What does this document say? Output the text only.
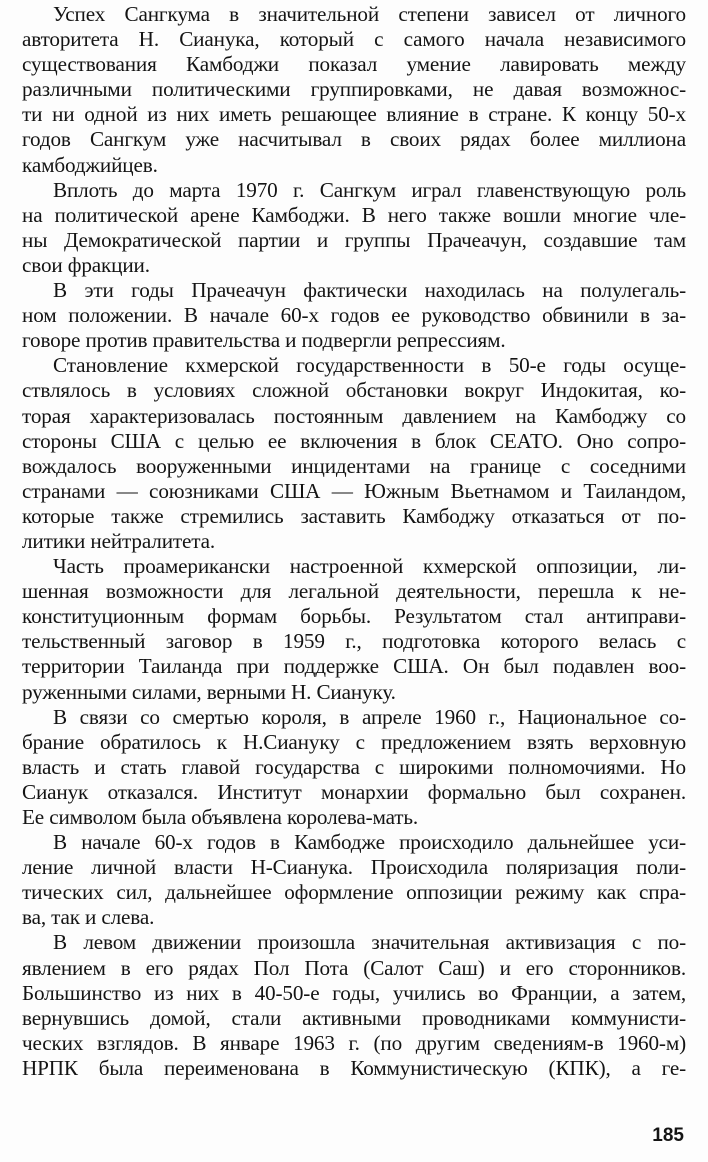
Успех Сангкума в значительной степени зависел от личного
авторитета Н. Сианука, который с самого начала независимого
существования Камбоджи показал умение лавировать между
различными политическими группировками, не давая возможнос-
ти ни одной из них иметь решающее влияние в стране. К концу 50-х
годов Сангкум уже насчитывал в своих рядах более миллиона
камбоджийцев.
Вплоть до марта 1970 г. Сангкум играл главенствующую роль
на политической арене Камбоджи. В него также вошли многие чле-
ны Демократической партии и группы Прачеачун, создавшие там
свои фракции.
В эти годы Прачеачун фактически находилась на полулегаль-
ном положении. В начале 60-х годов ее руководство обвинили в за-
говоре против правительства и подвергли репрессиям.
Становление кхмерской государственности в 50-е годы осуще-
ствлялось в условиях сложной обстановки вокруг Индокитая, ко-
торая характеризовалась постоянным давлением на Камбоджу со
стороны США с целью ее включения в блок СЕАТО. Оно сопро-
вождалось вооруженными инцидентами на границе с соседними
странами — союзниками США — Южным Вьетнамом и Таиландом,
которые также стремились заставить Камбоджу отказаться от по-
литики нейтралитета.
Часть проамерикански настроенной кхмерской оппозиции, ли-
шенная возможности для легальной деятельности, перешла к не-
конституционным формам борьбы. Результатом стал антиправи-
тельственный заговор в 1959 г., подготовка которого велась с
территории Таиланда при поддержке США. Он был подавлен воо-
руженными силами, верными Н. Сиануку.
В связи со смертью короля, в апреле 1960 г., Национальное со-
брание обратилось к Н.Сиануку с предложением взять верховную
власть и стать главой государства с широкими полномочиями. Но
Сианук отказался. Институт монархии формально был сохранен.
Ее символом была объявлена королева-мать.
В начале 60-х годов в Камбодже происходило дальнейшее уси-
ление личной власти Н-Сианука. Происходила поляризация поли-
тических сил, дальнейшее оформление оппозиции режиму как спра-
ва, так и слева.
В левом движении произошла значительная активизация с по-
явлением в его рядах Пол Пота (Салот Саш) и его сторонников.
Большинство из них в 40-50-е годы, учились во Франции, а затем,
вернувшись домой, стали активными проводниками коммунисти-
ческих взглядов. В январе 1963 г. (по другим сведениям-в 1960-м)
НРПК была переименована в Коммунистическую (КПК), а ге-
185
